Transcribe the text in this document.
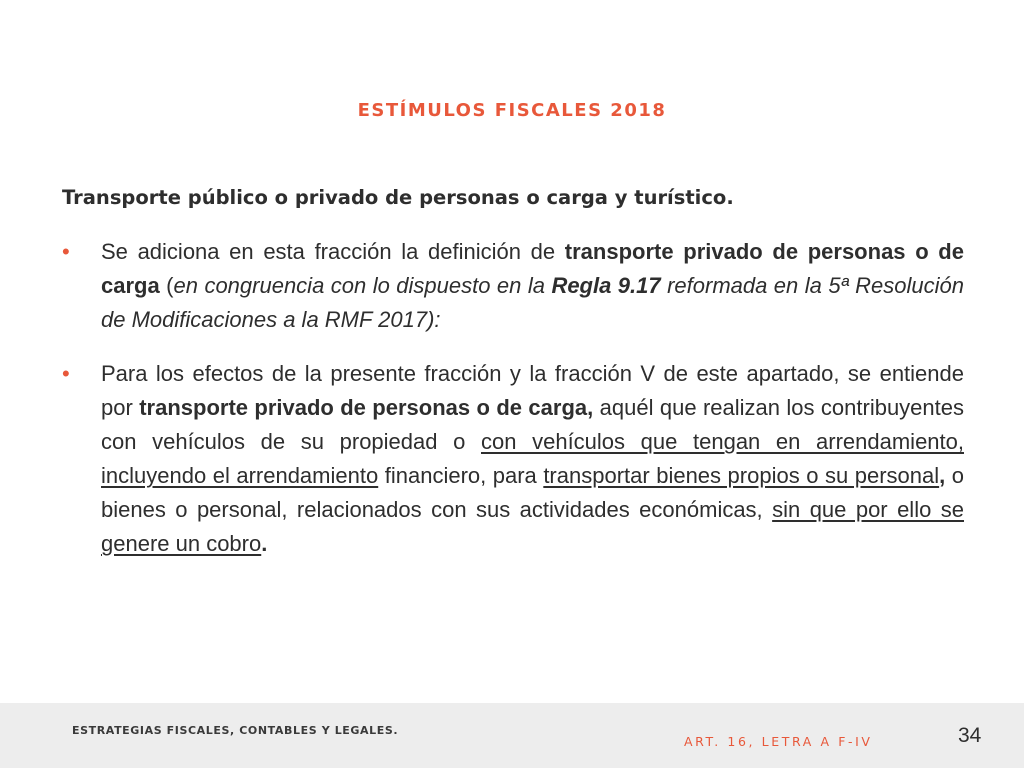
ESTÍMULOS FISCALES 2018
Transporte público o privado de personas o carga y turístico.
• Se adiciona en esta fracción la definición de transporte privado de personas o de carga (en congruencia con lo dispuesto en la Regla 9.17 reformada en la 5ª Resolución de Modificaciones a la RMF 2017):
• Para los efectos de la presente fracción y la fracción V de este apartado, se entiende por transporte privado de personas o de carga, aquél que realizan los contribuyentes con vehículos de su propiedad o con vehículos que tengan en arrendamiento, incluyendo el arrendamiento financiero, para transportar bienes propios o su personal, o bienes o personal, relacionados con sus actividades económicas, sin que por ello se genere un cobro.
ESTRATEGIAS FISCALES, CONTABLES Y LEGALES.
ART. 16, LETRA A F-IV	34
